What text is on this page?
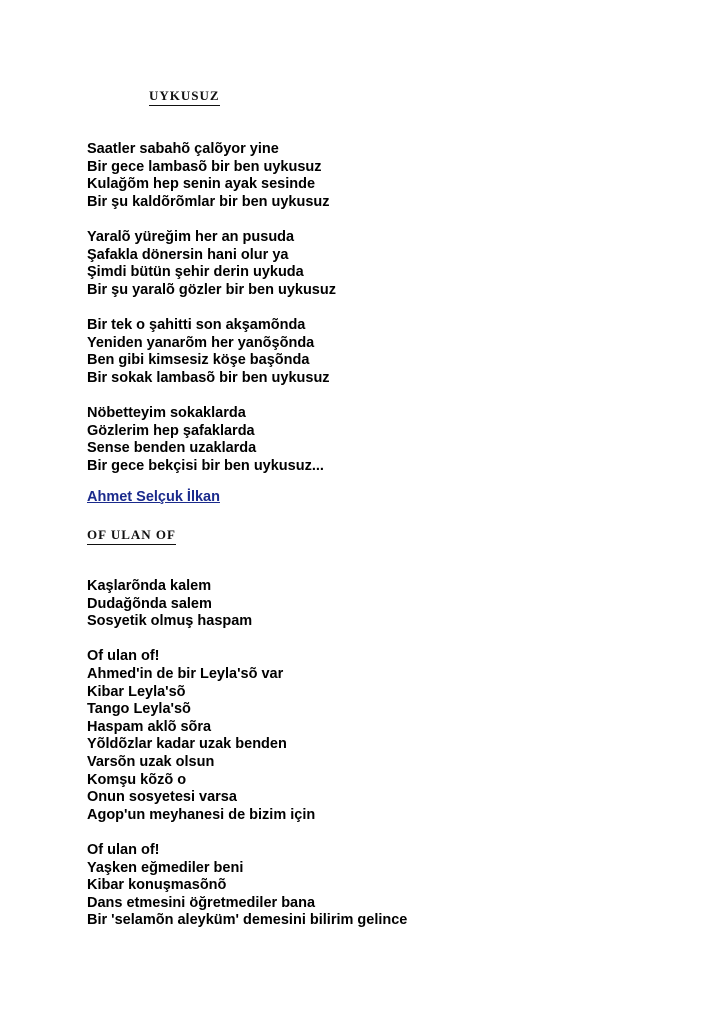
UYKUSUZ
Saatler sabahõ çalõyor yine
Bir gece lambasõ bir ben uykusuz
Kulağõm hep senin ayak sesinde
Bir şu kaldõrõmlar bir ben uykusuz
Yaralõ yüreğim her an pusuda
Şafakla dönersin hani olur ya
Şimdi bütün şehir derin uykuda
Bir şu yaralõ gözler bir ben uykusuz
Bir tek o şahitti son akşamõnda
Yeniden yanarõm her yanõşõnda
Ben gibi kimsesiz köşe başõnda
Bir sokak lambasõ bir ben uykusuz
Nöbetteyim sokaklarda
Gözlerim hep şafaklarda
Sense benden uzaklarda
Bir gece bekçisi bir ben uykusuz...
Ahmet Selçuk İlkan
OF ULAN OF
Kaşlarõnda kalem
Dudağõnda salem
Sosyetik olmuş haspam
Of ulan of!
Ahmed'in de bir Leyla'sõ var
Kibar Leyla'sõ
Tango Leyla'sõ
Haspam aklõ sõra
Yõldõzlar kadar uzak benden
Varsõn uzak olsun
Komşu kõzõ o
Onun sosyetesi varsa
Agop'un meyhanesi de bizim için
Of ulan of!
Yaşken eğmediler beni
Kibar konuşmasõnõ
Dans etmesini öğretmediler bana
Bir 'selamõn aleyküm' demesini bilirim gelince
